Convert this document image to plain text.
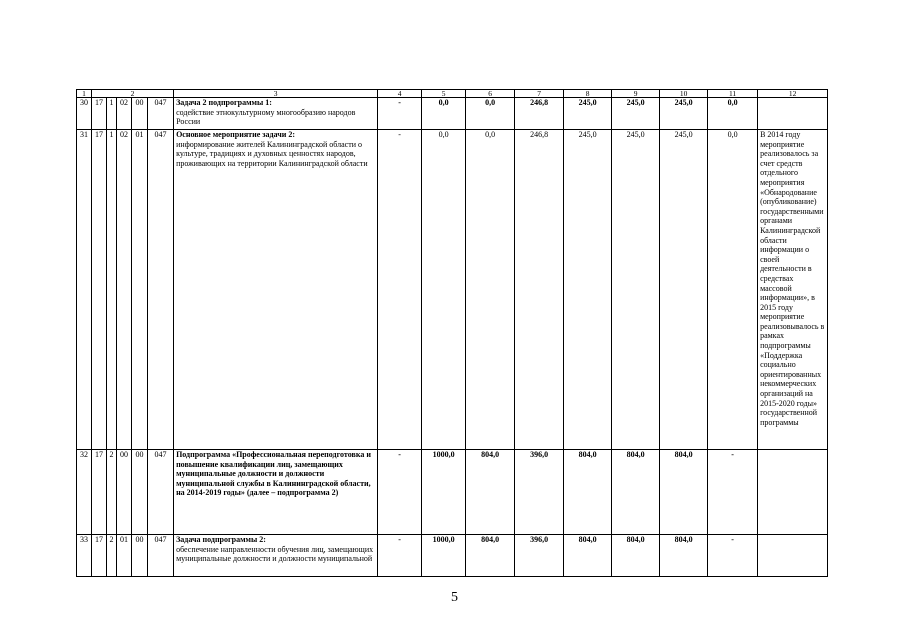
1	2					3	4	5	6	7	8	9	10	11	12
30	17	1	02	00	047	Задача 2 подпрограммы 1:
содействие этнокультурному многообразию народов России	-	0,0	0,0	246,8	245,0	245,0	245,0	0,0	
31	17	1	02	01	047	Основное мероприятие задачи 2:
информирование жителей Калининградской области о культуре, традициях и духовных ценностях народов, проживающих на территории Калининградской области	-	0,0	0,0	246,8	245,0	245,0	245,0	0,0	В 2014 году мероприятие реализовалось за счет средств отдельного мероприятия «Обнародование (опубликование) государственными органами Калининградской области информации о своей деятельности в средствах массовой информации», в 2015 году мероприятие реализовывалось в рамках подпрограммы «Поддержка социально ориентированных некоммерческих организаций на 2015-2020 годы» государственной программы
32	17	2	00	00	047	Подпрограмма «Профессиональная переподготовка и повышение квалификации лиц, замещающих муниципальные должности и должности муниципальной службы в Калининградской области, на 2014-2019 годы» (далее – подпрограмма 2)	-	1000,0	804,0	396,0	804,0	804,0	804,0	-	
33	17	2	01	00	047	Задача подпрограммы 2:
обеспечение направленности обучения лиц, замещающих муниципальные должности и должности муниципальной	-	1000,0	804,0	396,0	804,0	804,0	804,0	-	
5
